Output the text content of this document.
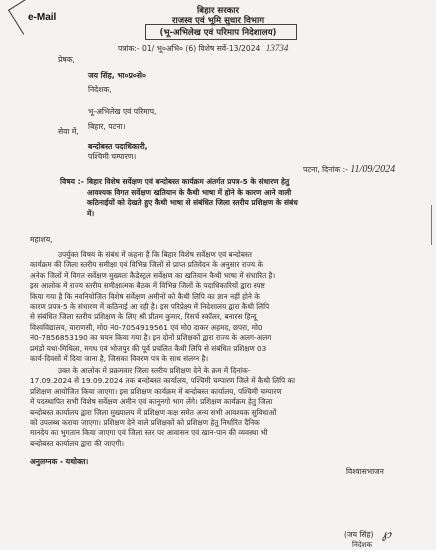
e-Mail
बिहार सरकार
राजस्व एवं भूमि सुधार विभाग
(भू-अभिलेख एवं परिमाप निदेशालय)
पत्रांक:- 01/ भू०अभि० (6) विशेष सर्वे-13/2024 13734
प्रेषक,
जय सिंह, भा०प्र०से०
निदेशक,
भू-अभिलेख एवं परिमाप,
बिहार, पटना।
सेवा में,
बन्दोबस्त पदाधिकारी,
पश्चिमी चम्पारण।
पटना, दिनांक :- 11/09/2024
विषय :- बिहार विशेष सर्वेक्षण एवं बन्दोबस्त कार्यक्रम अंतर्गत प्रपत्र-5 के संधारण हेतु
आवश्यक विगत सर्वेक्षण खतियान के कैथी भाषा में होने के कारण आने वाली
कठिनाईयों को देखते हुए कैथी भाषा से संबंधित जिला स्तरीय प्रशिक्षण के संबंध
में।
महाशय,
उपर्युक्त विषय के संबंध में कहना है कि बिहार विशेष सर्वेक्षण एवं बन्दोबस्त
कार्यक्रम की जिला स्तरीय समीक्षा एवं विभिन्न जिलों से प्राप्त प्रतिवेदन के अनुसार राज्य के
अनेक जिलों में विगत सर्वेक्षण मुख्यतः कैडेस्ट्रल सर्वेक्षण का खतियान कैथी भाषा में संधारित है।
इस आलोक में राज्य स्तरीय समीक्षात्मक बैठक में विभिन्न जिलों के पदाधिकारियों द्वारा स्पष्ट
किया गया है कि नवनियोजित विशेष सर्वेक्षण अमीनों को कैथी लिपि का ज्ञान नहीं होने के
कारण प्रपत्र-5 के संधारण में कठिनाई आ रही है। इस परिप्रेक्ष्य में निदेशालय द्वारा कैथी लिपि
से संबंधित जिला स्तरीय प्रशिक्षण के लिए श्री प्रीतम कुमार, रिसर्च स्कॉलर, बनारस हिन्दू
विश्वविद्यालय, वाराणसी, मो0 नं0-7054919561 एवं मो0 दाकर अहमद, छपरा, मो0
नं0-7856853190 का चयन किया गया है। इन दोनों प्रशिक्षकों द्वारा राज्य के अलग-अलग
प्रमंडों यथा-मिथिला, मगध एवं भोजपुर की पूर्व प्रचलित कैथी लिपि से संबंधित प्रशिक्षण 03
कार्य-दिवसों में दिया जाना है, जिसका विवरण पत्र के साथ संलग्न है।
उक्त के आलोक में प्रक्रमवार जिला स्तरीय प्रशिक्षण देने के क्रम में दिनांक-
17.09.2024 से 19.09.2024 तक बन्दोबस्त कार्यालय, पश्चिमी चम्पारण जिले में कैथी लिपि का
प्रशिक्षण आयोजित किया जाएगा। इस प्रशिक्षण कार्यक्रम में बन्दोबस्त कार्यालय, पश्चिमी चम्पारण
में पदस्थापित सभी विशेष सर्वेक्षण अमीन एवं कानूनगो भाग लेंगे। प्रशिक्षण कार्यक्रम हेतु जिला
बन्दोबस्त कार्यालय द्वारा जिला मुख्यालय में प्रशिक्षण कक्ष समेत अन्य सभी आवश्यक सुविधाओं
को उपलब्ध कराया जाएगा। प्रशिक्षण देने वाले प्रशिक्षकों को प्रशिक्षण हेतु निर्धारित दैनिक
मानदेय का भुगतान किया जाएगा एवं जिला स्तर पर आवासन एवं खान-पान की व्यवस्था भी
बन्दोबस्त कार्यालय द्वारा की जाएगी।
अनुलग्नक - यथोक्त।
विश्वासभाजन
(जय सिंह)
निदेशक
℘
